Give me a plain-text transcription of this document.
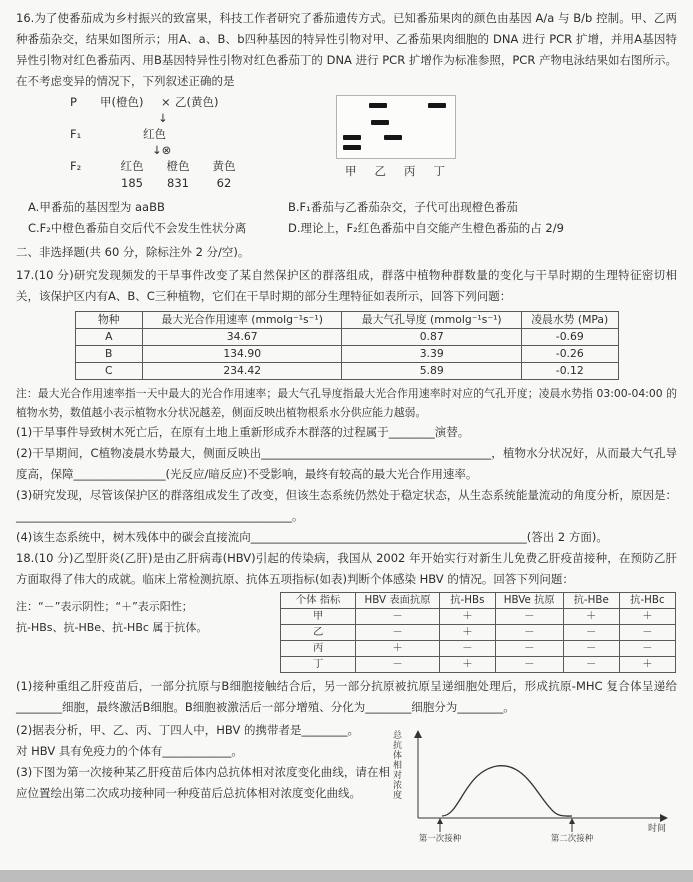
16.为了使番茄成为乡村振兴的致富果，科技工作者研究了番茄遗传方式。已知番茄果肉的颜色由基因 A/a 与 B/b 控制。甲、乙两种番茄杂交，结果如图所示；用A、a、B、b四种基因的特异性引物对甲、乙番茄果肉细胞的 DNA 进行 PCR 扩增，并用A基因特异性引物对红色番茄丙、用B基因特异性引物对红色番茄丁的 DNA 进行 PCR 扩增作为标准参照，PCR 产物电泳结果如右图所示。在不考虑变异的情况下，下列叙述正确的是

P 甲(橙色) × 乙(黄色)
↓
F₁	红色
↓⊗
F₂	红色	橙色	黄色
185	831	62
甲 乙 丙 丁
A.甲番茄的基因型为 aaBB	B.F₁番茄与乙番茄杂交，子代可出现橙色番茄
C.F₂中橙色番茄自交后代不会发生性状分离	D.理论上，F₂红色番茄中自交能产生橙色番茄的占 2/9

二、非选择题(共 60 分，除标注外 2 分/空)。

17.(10 分)研究发现频发的干旱事件改变了某自然保护区的群落组成，群落中植物种群数量的变化与干旱时期的生理特征密切相关，该保护区内有A、B、C三种植物，它们在干旱时期的部分生理特征如表所示，回答下列问题：

物种	最大光合作用速率 (mmolg⁻¹s⁻¹)	最大气孔导度 (mmolg⁻¹s⁻¹)	凌晨水势 (MPa)
A	34.67	0.87	-0.69
B	134.90	3.39	-0.26
C	234.42	5.89	-0.12

注：最大光合作用速率指一天中最大的光合作用速率；最大气孔导度指最大光合作用速率时对应的气孔开度；凌晨水势指 03:00-04:00 的植物水势，数值越小表示植物水分状况越差，侧面反映出植物根系水分供应能力越弱。

(1)干旱事件导致树木死亡后，在原有土地上重新形成乔木群落的过程属于________演替。

(2)干旱期间，C植物凌晨水势最大，侧面反映出________________________________________，植物水分状况好，从而最大气孔导度高，保障________________(光反应/暗反应)不受影响，最终有较高的最大光合作用速率。

(3)研究发现，尽管该保护区的群落组成发生了改变，但该生态系统仍然处于稳定状态，从生态系统能量流动的角度分析，原因是：________________________________________________。

(4)该生态系统中，树木残体中的碳会直接流向________________________________________________(答出 2 方面)。

18.(10 分)乙型肝炎(乙肝)是由乙肝病毒(HBV)引起的传染病，我国从 2002 年开始实行对新生儿免费乙肝疫苗接种，在预防乙肝方面取得了伟大的成就。临床上常检测抗原、抗体五项指标(如表)判断个体感染 HBV 的情况。回答下列问题：

注：“－”表示阴性；“＋”表示阳性；

抗-HBs、抗-HBe、抗-HBc 属于抗体。

个体 指标	HBV 表面抗原	抗-HBs	HBVe 抗原	抗-HBe	抗-HBc
甲	－	＋	－	＋	＋
乙	－	＋	－	－	－
丙	＋	－	－	－	－
丁	－	＋	－	－	＋

(1)接种重组乙肝疫苗后，一部分抗原与B细胞接触结合后，另一部分抗原被抗原呈递细胞处理后，形成抗原-MHC 复合体呈递给________细胞，最终激活B细胞。B细胞被激活后一部分增殖、分化为________细胞分为________。

(2)据表分析，甲、乙、丙、丁四人中，HBV 的携带者是________。

对 HBV 具有免疫力的个体有____________。

(3)下图为第一次接种某乙肝疫苗后体内总抗体相对浓度变化曲线，请在相应位置绘出第二次成功接种同一种疫苗后总抗体相对浓度变化曲线。	总抗体相对浓度
第一次接种	第二次接种
时间
